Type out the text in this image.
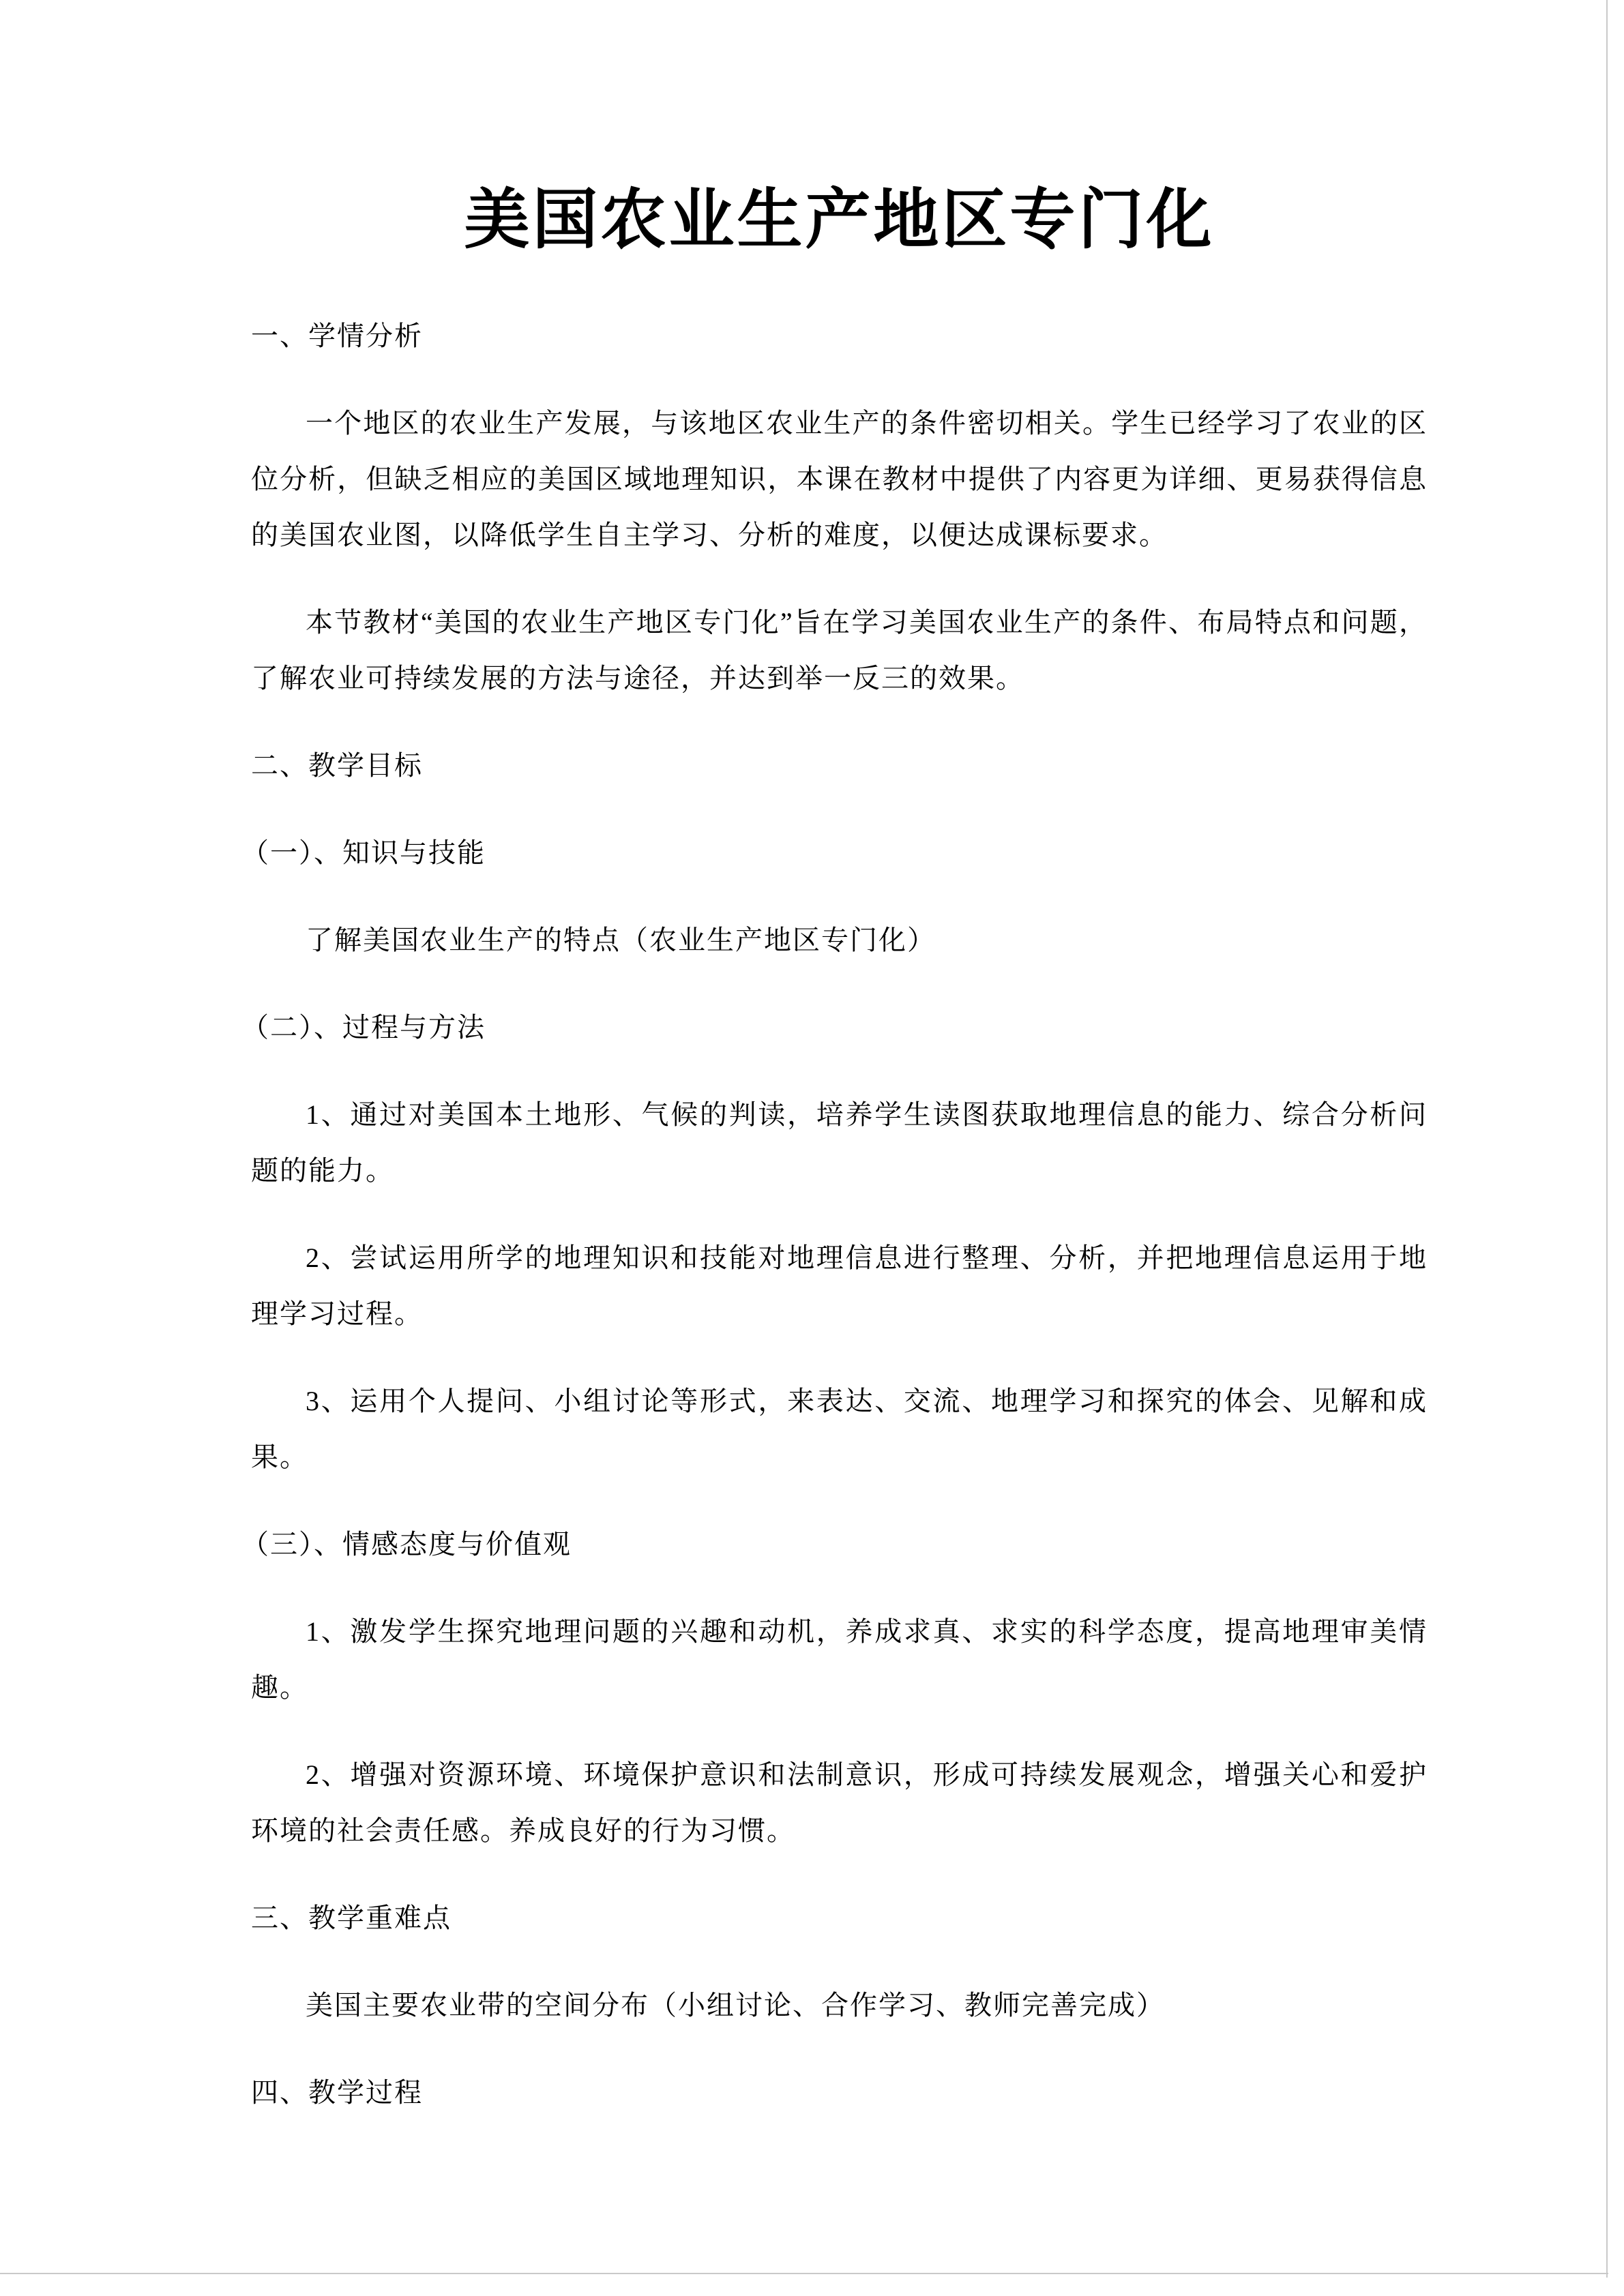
美国农业生产地区专门化

一、学情分析

一个地区的农业生产发展，与该地区农业生产的条件密切相关。学生已经学习了农业的区位分析，但缺乏相应的美国区域地理知识，本课在教材中提供了内容更为详细、更易获得信息的美国农业图，以降低学生自主学习、分析的难度，以便达成课标要求。

本节教材“美国的农业生产地区专门化”旨在学习美国农业生产的条件、布局特点和问题，了解农业可持续发展的方法与途径，并达到举一反三的效果。

二、教学目标

（一）、知识与技能

了解美国农业生产的特点（农业生产地区专门化）

（二）、过程与方法

1、通过对美国本土地形、气候的判读，培养学生读图获取地理信息的能力、综合分析问题的能力。

2、尝试运用所学的地理知识和技能对地理信息进行整理、分析，并把地理信息运用于地理学习过程。

3、运用个人提问、小组讨论等形式，来表达、交流、地理学习和探究的体会、见解和成果。

（三）、情感态度与价值观

1、激发学生探究地理问题的兴趣和动机，养成求真、求实的科学态度，提高地理审美情趣。

2、增强对资源环境、环境保护意识和法制意识，形成可持续发展观念，增强关心和爱护环境的社会责任感。养成良好的行为习惯。

三、教学重难点

美国主要农业带的空间分布（小组讨论、合作学习、教师完善完成）

四、教学过程
